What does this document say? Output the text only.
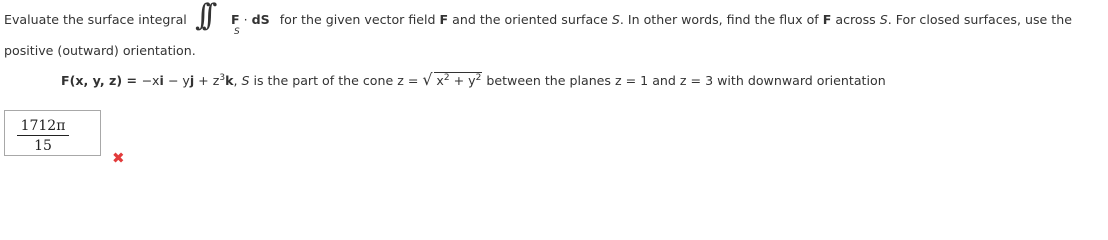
Evaluate the surface integral ∫∫	S
F · dS for the given vector field F and the oriented surface S. In other words, find the flux of F across S. For closed surfaces, use the
positive (outward) orientation.
F(x, y, z) = −xi − yj + $z^3k$, S is the part of the cone z = √ $x^2 + y^2$ between the planes z = 1 and z = 3 with downward orientation
$\frac{1712\pi}{15}$
✖
